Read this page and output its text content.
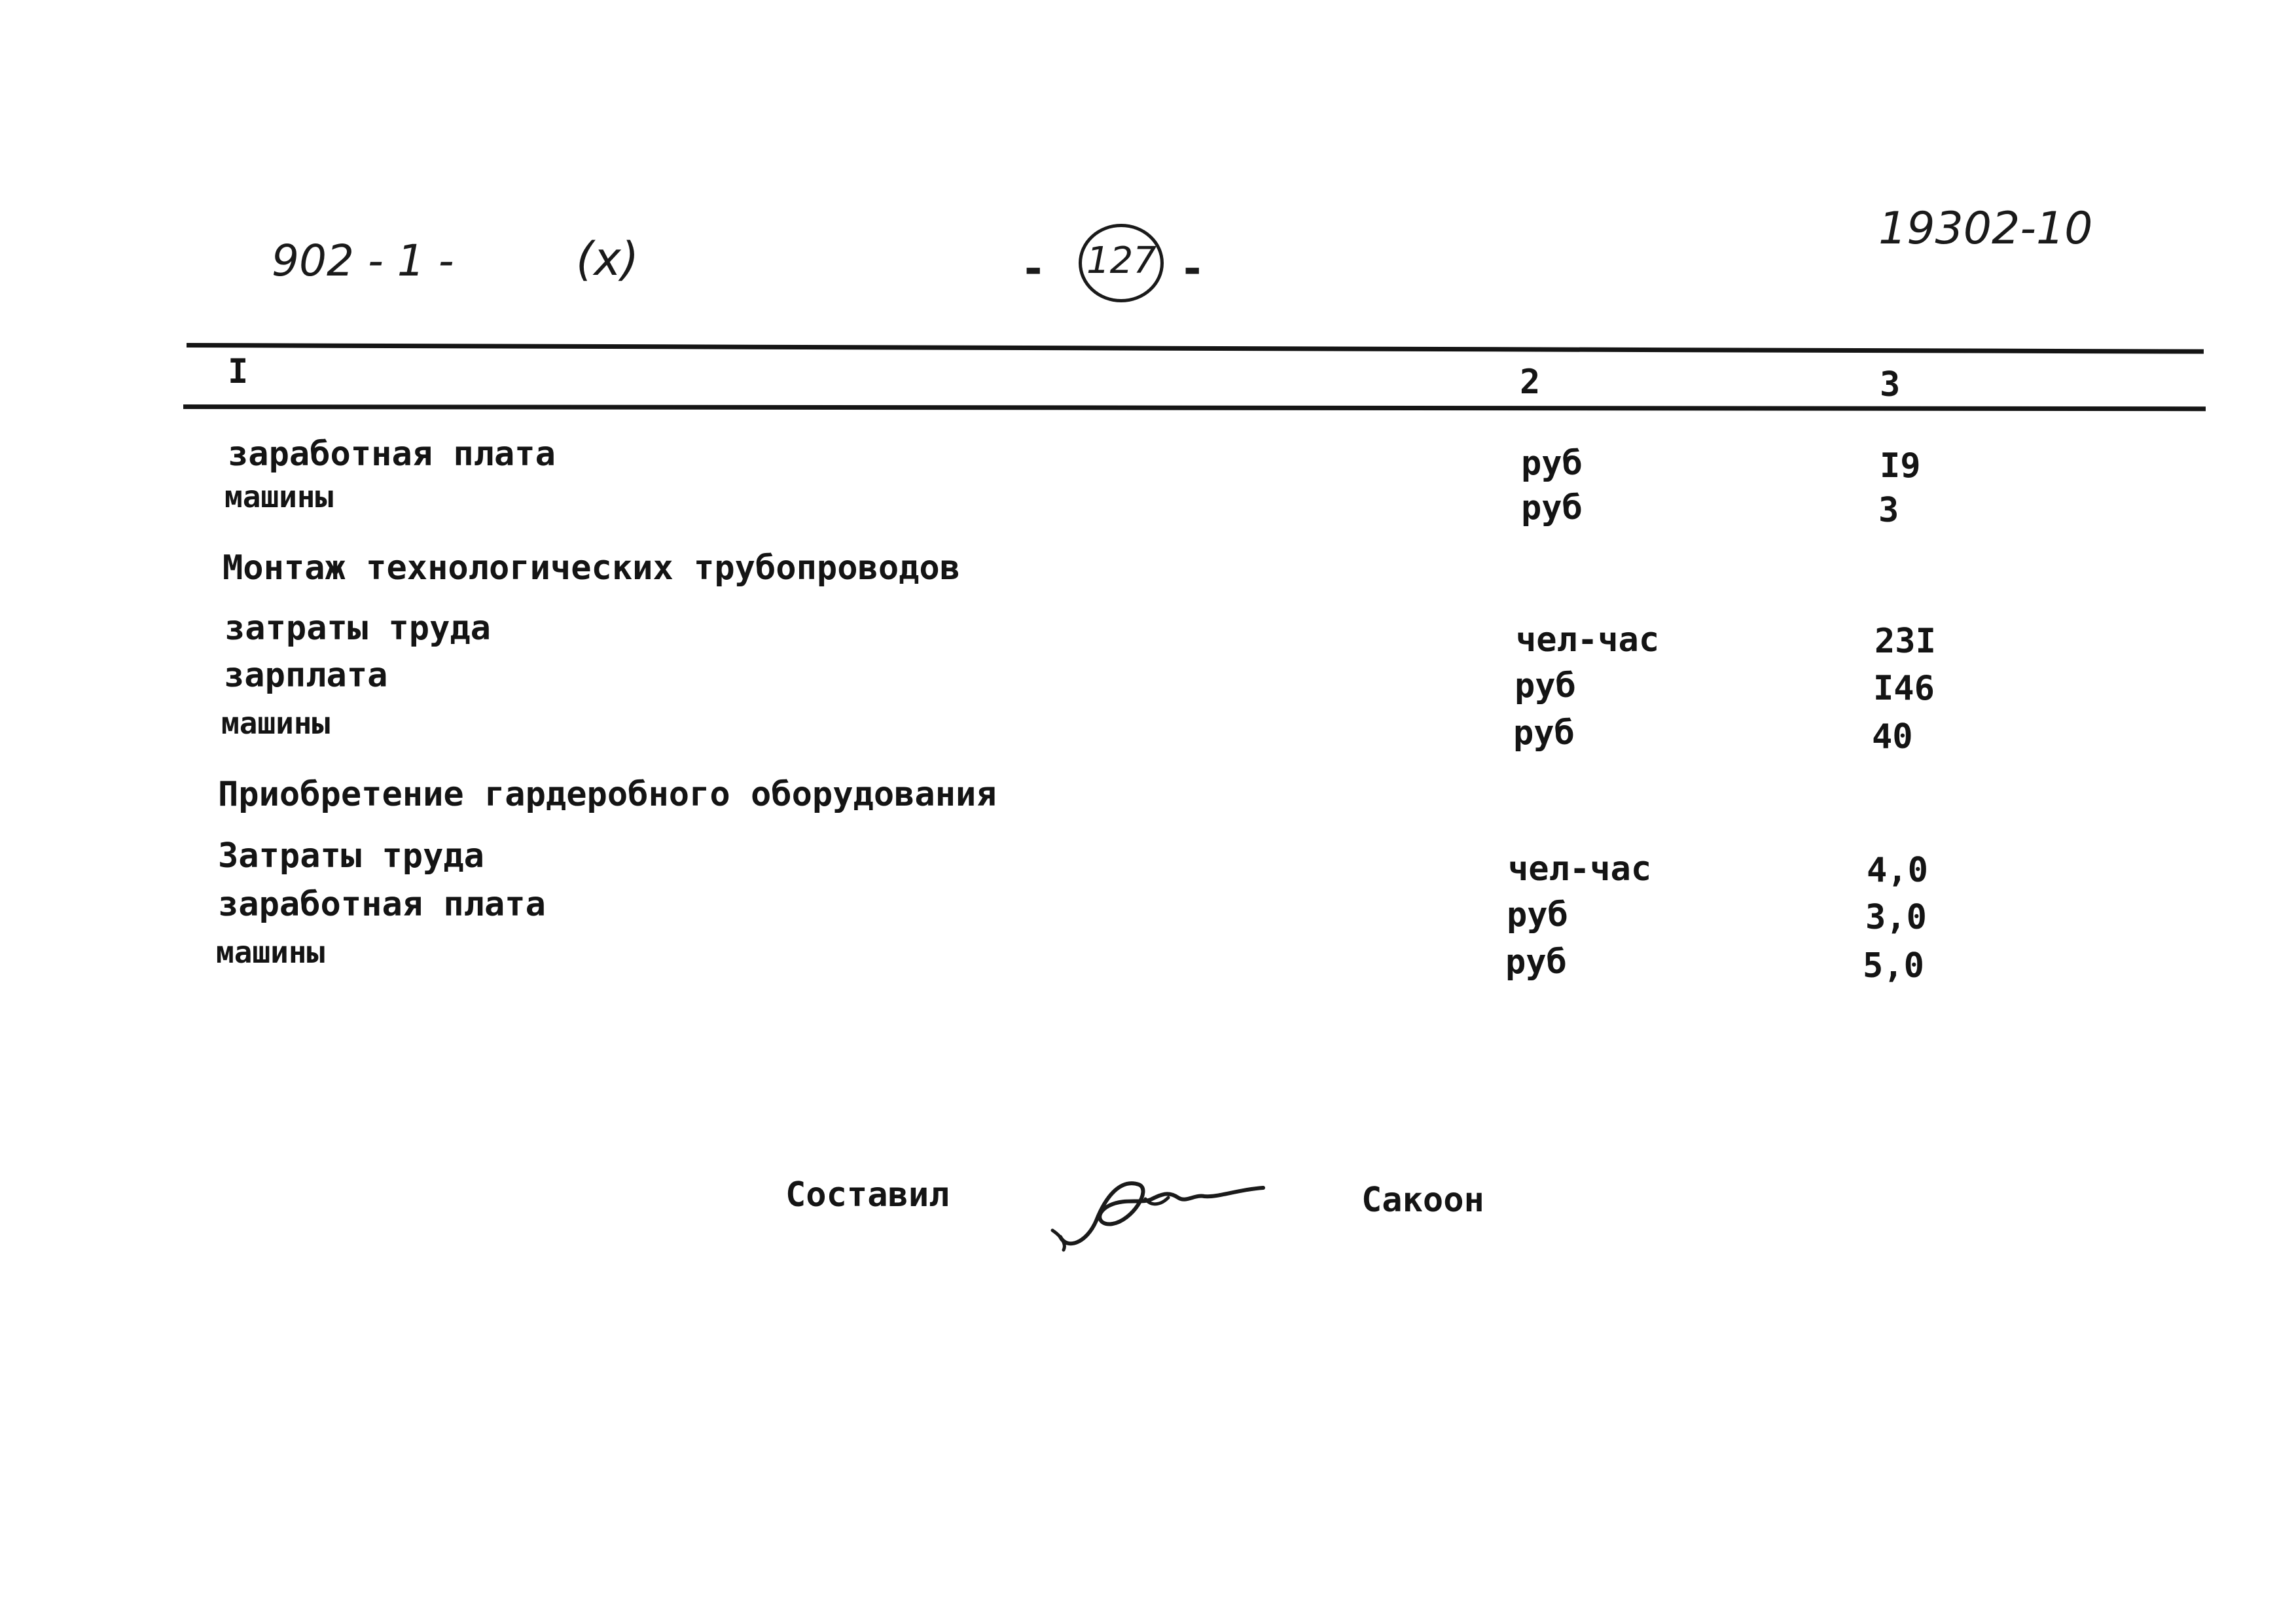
902 - 1 -	(x)	- 127 -
19302-10
I	2	3
заработная плата	руб	I9
машины	руб	3
Монтаж технологических трубопроводов
затраты труда	чел-час	23I
зарплата	руб	I46
машины	руб	40
Приобретение гардеробного оборудования
Затраты труда	чел-час	4,0
заработная плата	руб	3,0
машины	руб	5,0
Составил	Сакоон
